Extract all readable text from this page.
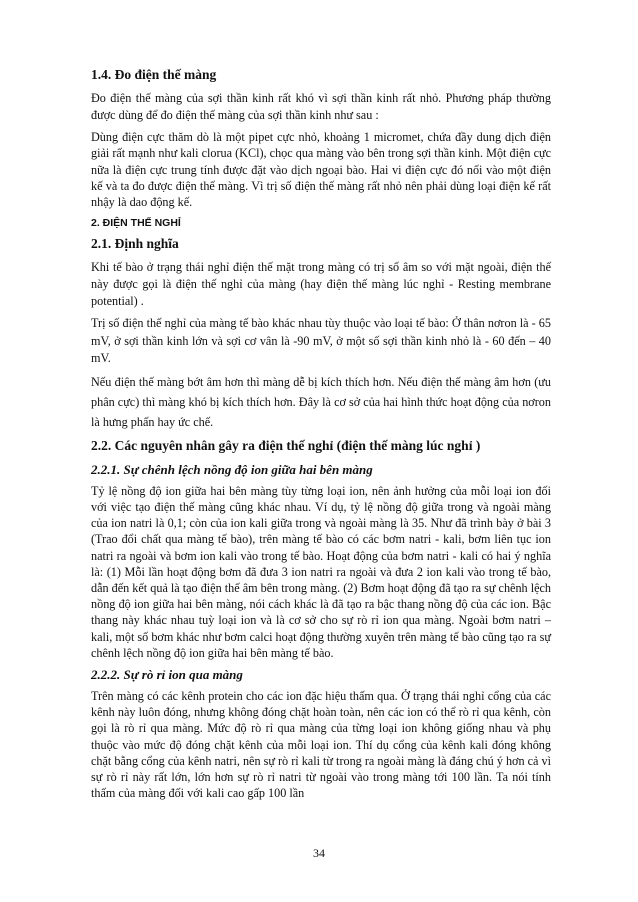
1.4. Đo điện thế màng

Đo điện thế màng của sợi thần kinh rất khó vì sợi thần kinh rất nhỏ. Phương pháp thường được dùng để đo điện thế màng của sợi thần kinh như sau :

Dùng điện cực thăm dò là một pipet cực nhỏ, khoảng 1 micromet, chứa đầy dung dịch điện giải rất mạnh như kali clorua (KCl), chọc qua màng vào bên trong sợi thần kinh. Một điện cực nữa là điện cực trung tính được đặt vào dịch ngoại bào. Hai vi điện cực đó nối vào một điện kế và ta đo được điện thế màng. Vì trị số điện thế màng rất nhỏ nên phải dùng loại điện kế rất nhậy là dao động kế.

2. ĐIỆN THẾ NGHỈ
2.1. Định nghĩa

Khi tế bào ở trạng thái nghỉ điện thế mặt trong màng có trị số âm so với mặt ngoài, điện thế này được gọi là điện thế nghỉ của màng (hay điện thế màng lúc nghỉ - Resting membrane potential) .

Trị số điện thế nghỉ của màng tế bào khác nhau tùy thuộc vào loại tế bào: Ở thân nơron là - 65 mV, ở sợi thần kinh lớn và sợi cơ vân là -90 mV, ở một số sợi thần kinh nhỏ là - 60 đến – 40 mV.

Nếu điện thế màng bớt âm hơn thì màng dễ bị kích thích hơn. Nếu điện thế màng âm hơn (ưu phân cực) thì màng khó bị kích thích hơn. Đây là cơ sở của hai hình thức hoạt động của nơron là hưng phấn hay ức chế.

2.2. Các nguyên nhân gây ra điện thế nghỉ (điện thế màng lúc nghỉ )
2.2.1. Sự chênh lệch nồng độ ion giữa hai bên màng

Tỷ lệ nồng độ ion giữa hai bên màng tùy từng loại ion, nên ảnh hưởng của mỗi loại ion đối với việc tạo điện thế màng cũng khác nhau. Ví dụ, tỷ lệ nồng độ giữa trong và ngoài màng của ion natri là 0,1; còn của ion kali giữa trong và ngoài màng là 35. Như đã trình bày ở bài 3 (Trao đổi chất qua màng tế bào), trên màng tế bào có các bơm natri - kali, bơm liên tục ion natri ra ngoài và bơm ion kali vào trong tế bào. Hoạt động của bơm natri - kali có hai ý nghĩa là: (1) Mỗi lần hoạt động bơm đã đưa 3 ion natri ra ngoài và đưa 2 ion kali vào trong tế bào, dẫn đến kết quả là tạo điện thế âm bên trong màng. (2) Bơm hoạt động đã tạo ra sự chênh lệch nồng độ ion giữa hai bên màng, nói cách khác là đã tạo ra bậc thang nồng độ của các ion. Bậc thang này khác nhau tuỳ loại ion và là cơ sở cho sự rò rỉ ion qua màng. Ngoài bơm natri – kali, một số bơm khác như bơm calci hoạt động thường xuyên trên màng tế bào cũng tạo ra sự chênh lệch nồng độ ion giữa hai bên màng tế bào.

2.2.2. Sự rò rỉ ion qua màng

Trên màng có các kênh protein cho các ion đặc hiệu thấm qua. Ở trạng thái nghỉ cổng của các kênh này luôn đóng, nhưng không đóng chặt hoàn toàn, nên các ion có thể rò rỉ qua kênh, còn gọi là rò rỉ qua màng. Mức độ rò rỉ qua màng của từng loại ion không giống nhau và phụ thuộc vào mức độ đóng chặt kênh của mỗi loại ion. Thí dụ cổng của kênh kali đóng không chặt bằng cổng của kênh natri, nên sự rò rỉ kali từ trong ra ngoài màng là đáng chú ý hơn cả vì sự rò rỉ này rất lớn, lớn hơn sự rò rỉ natri từ ngoài vào trong màng tới 100 lần. Ta nói tính thấm của màng đối với kali cao gấp 100 lần

34
